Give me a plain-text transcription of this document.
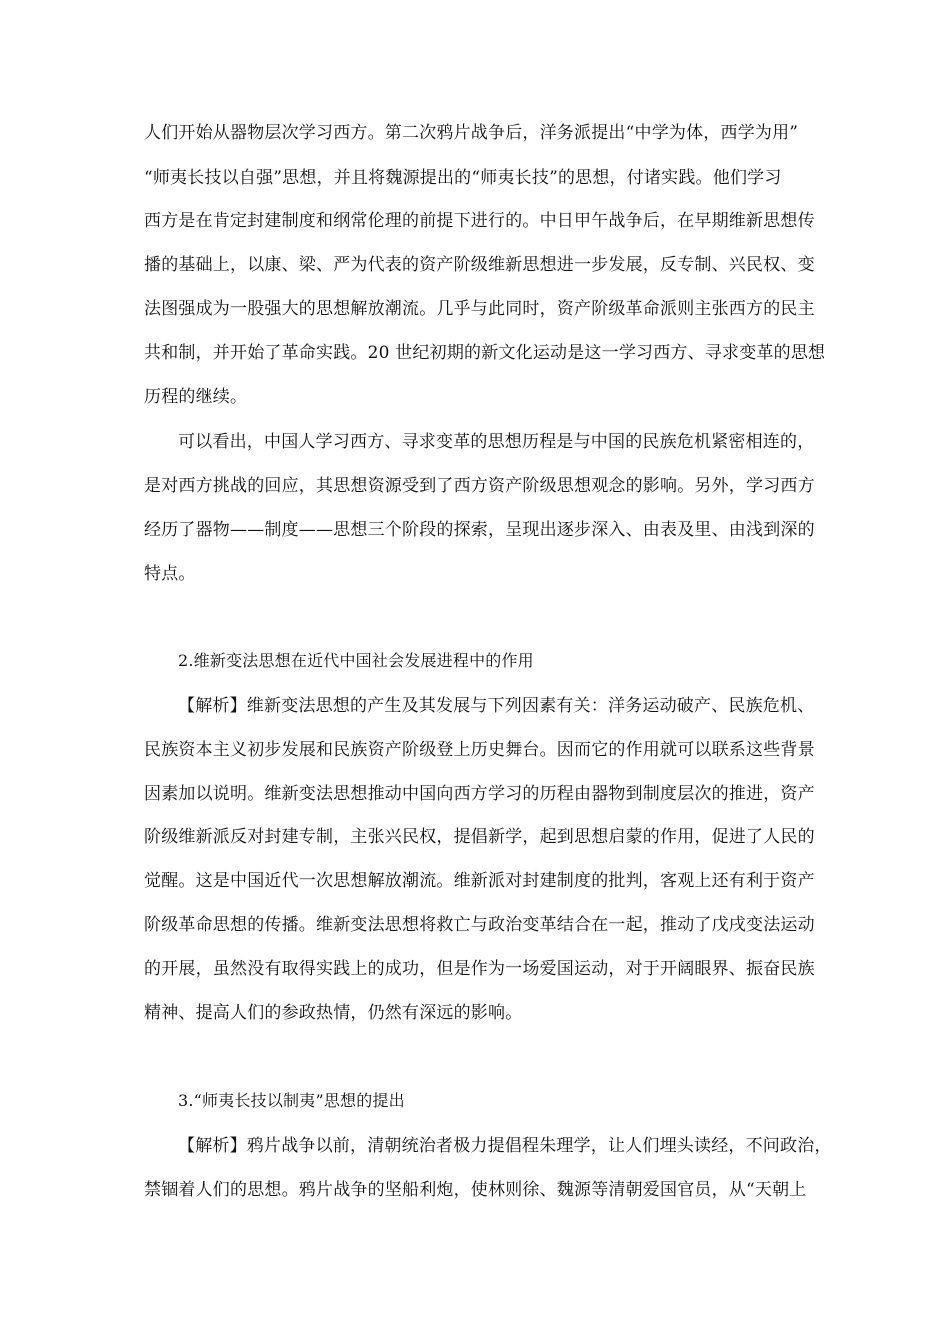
人们开始从器物层次学习西方。第二次鸦片战争后，洋务派提出“中学为体，西学为用”
“师夷长技以自强”思想，并且将魏源提出的“师夷长技”的思想，付诸实践。他们学习
西方是在肯定封建制度和纲常伦理的前提下进行的。中日甲午战争后，在早期维新思想传
播的基础上，以康、梁、严为代表的资产阶级维新思想进一步发展，反专制、兴民权、变
法图强成为一股强大的思想解放潮流。几乎与此同时，资产阶级革命派则主张西方的民主
共和制，并开始了革命实践。20 世纪初期的新文化运动是这一学习西方、寻求变革的思想
历程的继续。
可以看出，中国人学习西方、寻求变革的思想历程是与中国的民族危机紧密相连的，
是对西方挑战的回应，其思想资源受到了西方资产阶级思想观念的影响。另外，学习西方
经历了器物——制度——思想三个阶段的探索，呈现出逐步深入、由表及里、由浅到深的
特点。
2.维新变法思想在近代中国社会发展进程中的作用
【解析】维新变法思想的产生及其发展与下列因素有关：洋务运动破产、民族危机、
民族资本主义初步发展和民族资产阶级登上历史舞台。因而它的作用就可以联系这些背景
因素加以说明。维新变法思想推动中国向西方学习的历程由器物到制度层次的推进，资产
阶级维新派反对封建专制，主张兴民权，提倡新学，起到思想启蒙的作用，促进了人民的
觉醒。这是中国近代一次思想解放潮流。维新派对封建制度的批判，客观上还有利于资产
阶级革命思想的传播。维新变法思想将救亡与政治变革结合在一起，推动了戊戌变法运动
的开展，虽然没有取得实践上的成功，但是作为一场爱国运动，对于开阔眼界、振奋民族
精神、提高人们的参政热情，仍然有深远的影响。
3.“师夷长技以制夷”思想的提出
【解析】鸦片战争以前，清朝统治者极力提倡程朱理学，让人们埋头读经，不问政治，
禁锢着人们的思想。鸦片战争的坚船利炮，使林则徐、魏源等清朝爱国官员，从“天朝上
